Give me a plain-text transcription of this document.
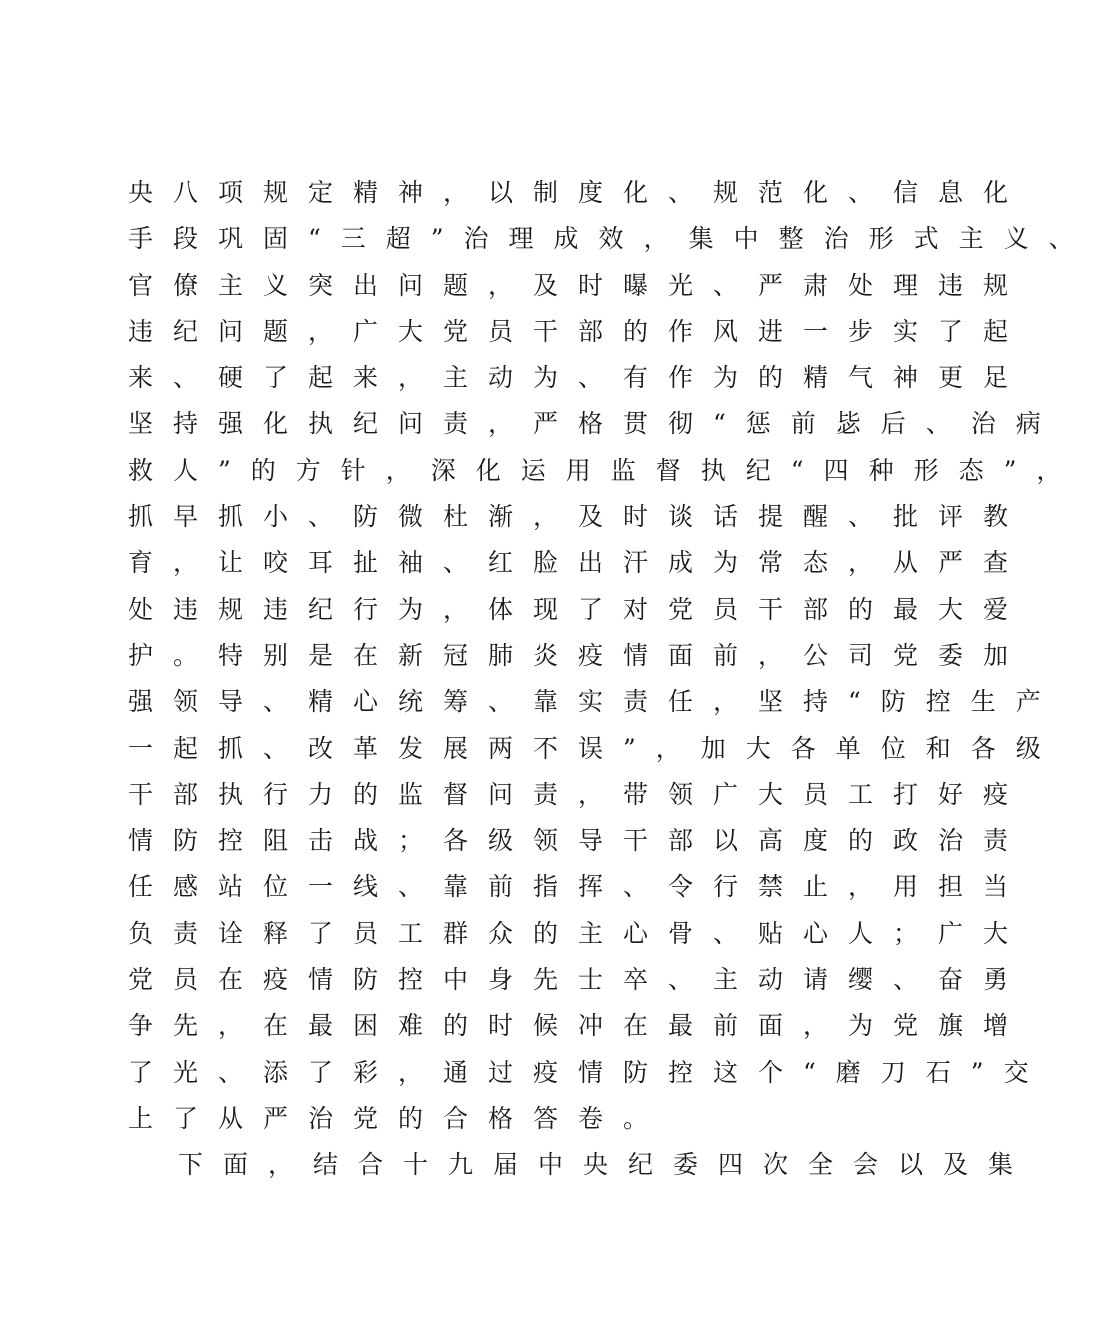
央八项规定精神，以制度化、规范化、信息化
手段巩固“三超”治理成效，集中整治形式主义、
官僚主义突出问题，及时曝光、严肃处理违规
违纪问题，广大党员干部的作风进一步实了起
来、硬了起来，主动为、有作为的精气神更足
坚持强化执纪问责，严格贯彻“惩前毖后、治病
救人”的方针，深化运用监督执纪“四种形态”，
抓早抓小、防微杜渐，及时谈话提醒、批评教
育，让咬耳扯袖、红脸出汗成为常态，从严查
处违规违纪行为，体现了对党员干部的最大爱
护。特别是在新冠肺炎疫情面前，公司党委加
强领导、精心统筹、靠实责任，坚持“防控生产
一起抓、改革发展两不误”，加大各单位和各级
干部执行力的监督问责，带领广大员工打好疫
情防控阻击战；各级领导干部以高度的政治责
任感站位一线、靠前指挥、令行禁止，用担当
负责诠释了员工群众的主心骨、贴心人；广大
党员在疫情防控中身先士卒、主动请缨、奋勇
争先，在最困难的时候冲在最前面，为党旗增
了光、添了彩，通过疫情防控这个“磨刀石”交
上了从严治党的合格答卷。
下面，结合十九届中央纪委四次全会以及集
